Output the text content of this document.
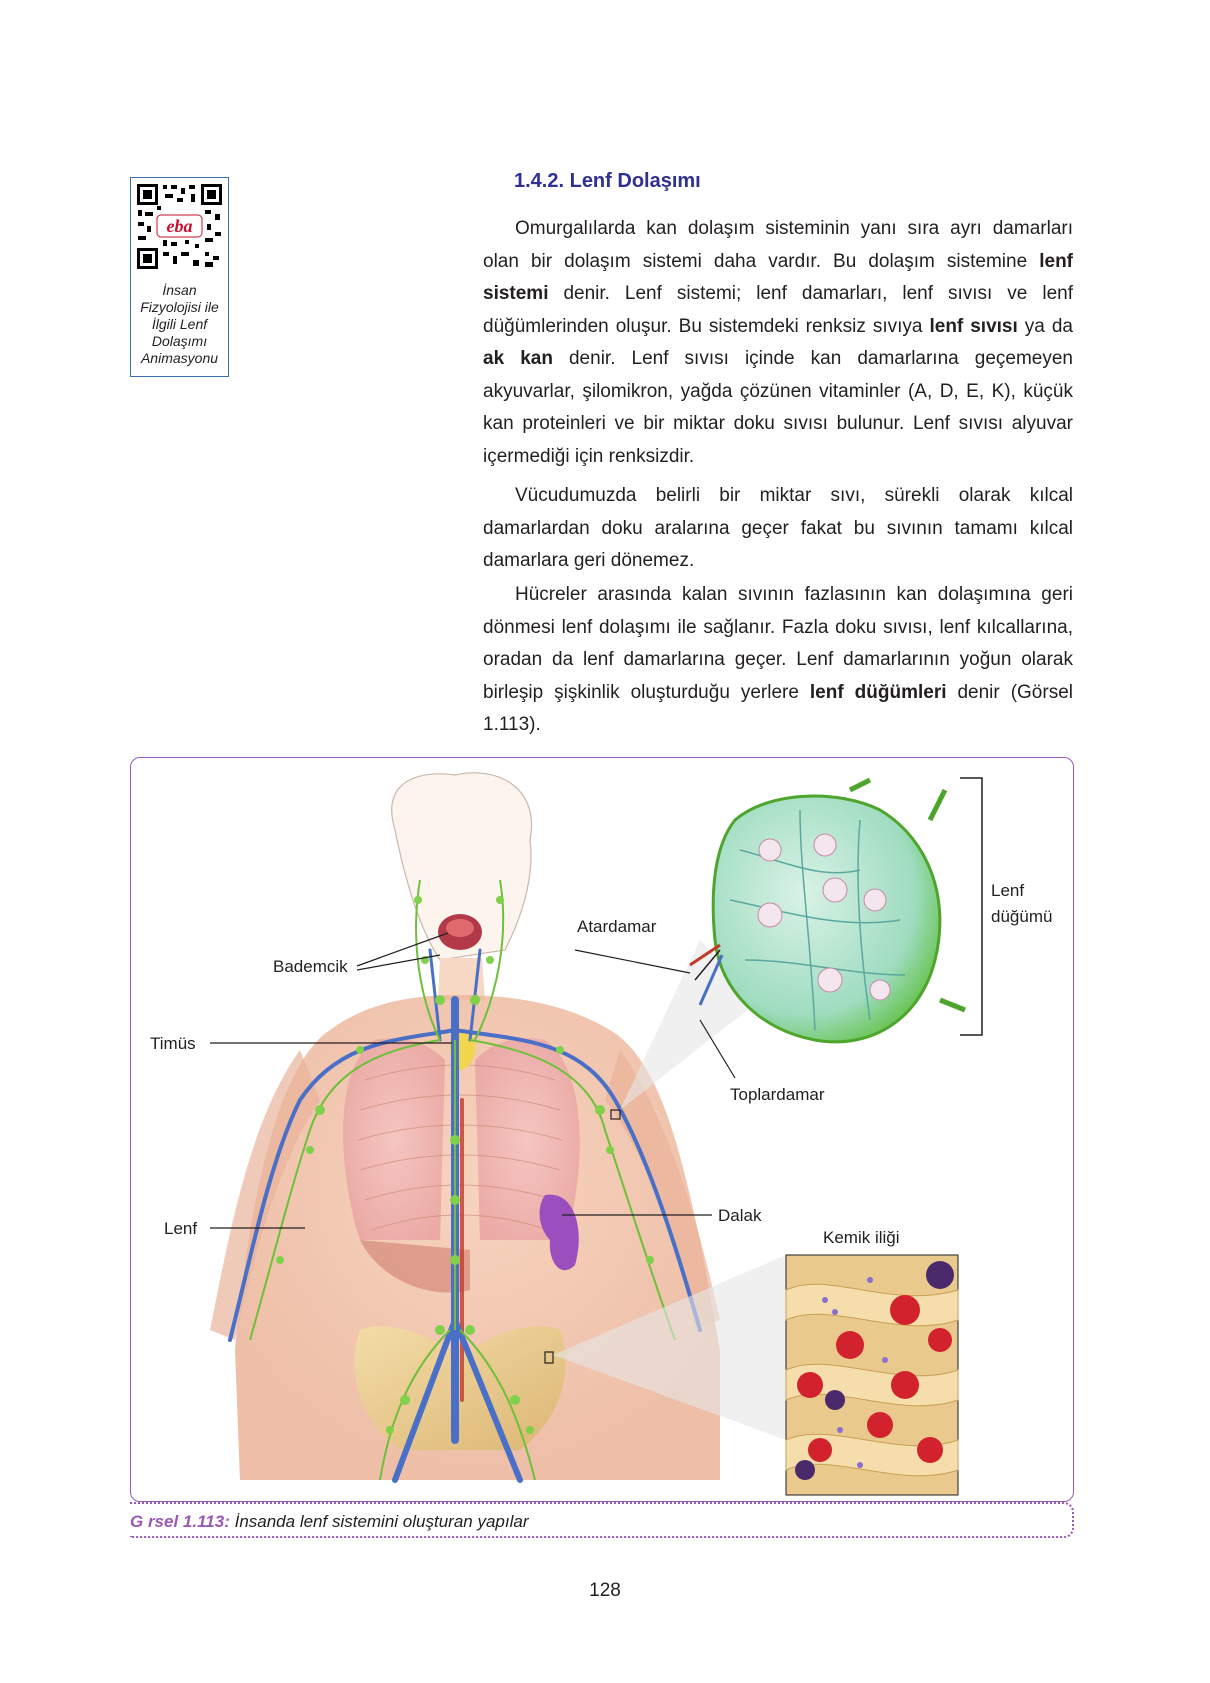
eba
İnsan Fizyolojisi ile İlgili Lenf Dolaşımı Animasyonu
1.4.2. Lenf Dolaşımı

Omurgalılarda kan dolaşım sisteminin yanı sıra ayrı damarları olan bir dolaşım sistemi daha vardır. Bu dolaşım sistemine lenf sistemi denir. Lenf sistemi; lenf damarları, lenf sıvısı ve lenf düğümlerinden oluşur. Bu sistemdeki renksiz sıvıya lenf sıvısı ya da ak kan denir. Lenf sıvısı içinde kan damarlarına geçemeyen akyuvarlar, şilomikron, yağda çözünen vitaminler (A, D, E, K), küçük kan proteinleri ve bir miktar doku sıvısı bulunur. Lenf sıvısı alyuvar içermediği için renksizdir.

Vücudumuzda belirli bir miktar sıvı, sürekli olarak kılcal damarlardan doku aralarına geçer fakat bu sıvının tamamı kılcal damarlara geri dönemez.

Hücreler arasında kalan sıvının fazlasının kan dolaşımına geri dönmesi lenf dolaşımı ile sağlanır. Fazla doku sıvısı, lenf kılcallarına, oradan da lenf damarlarına geçer. Lenf damarlarının yoğun olarak birleşip şişkinlik oluşturduğu yerlere lenf düğümleri denir (Görsel 1.113).

Bademcik
Timüs
Lenf
Atardamar
Toplardamar
Lenf
düğümü
Dalak
Kemik iliği

G rsel 1.113: İnsanda lenf sistemini oluşturan yapılar

128
